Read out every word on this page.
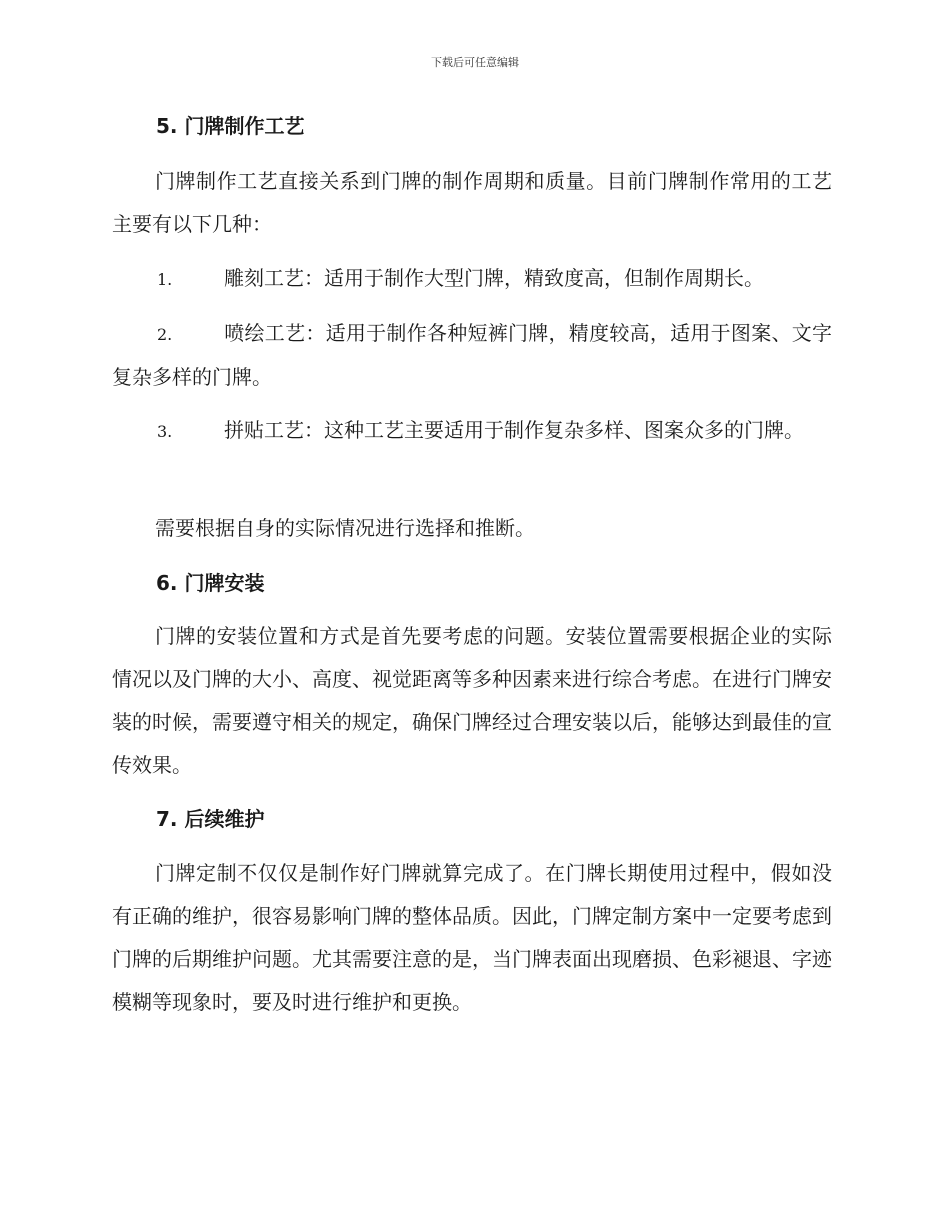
下载后可任意编辑
5. 门牌制作工艺

门牌制作工艺直接关系到门牌的制作周期和质量。目前门牌制作常用的工艺主要有以下几种：

1.	雕刻工艺：适用于制作大型门牌，精致度高，但制作周期长。
2.	喷绘工艺：适用于制作各种短裤门牌，精度较高，适用于图案、文字复杂多样的门牌。
3.	拼贴工艺：这种工艺主要适用于制作复杂多样、图案众多的门牌。

需要根据自身的实际情况进行选择和推断。

6. 门牌安装

门牌的安装位置和方式是首先要考虑的问题。安装位置需要根据企业的实际情况以及门牌的大小、高度、视觉距离等多种因素来进行综合考虑。在进行门牌安装的时候，需要遵守相关的规定，确保门牌经过合理安装以后，能够达到最佳的宣传效果。

7. 后续维护

门牌定制不仅仅是制作好门牌就算完成了。在门牌长期使用过程中，假如没有正确的维护，很容易影响门牌的整体品质。因此，门牌定制方案中一定要考虑到门牌的后期维护问题。尤其需要注意的是，当门牌表面出现磨损、色彩褪退、字迹模糊等现象时，要及时进行维护和更换。
